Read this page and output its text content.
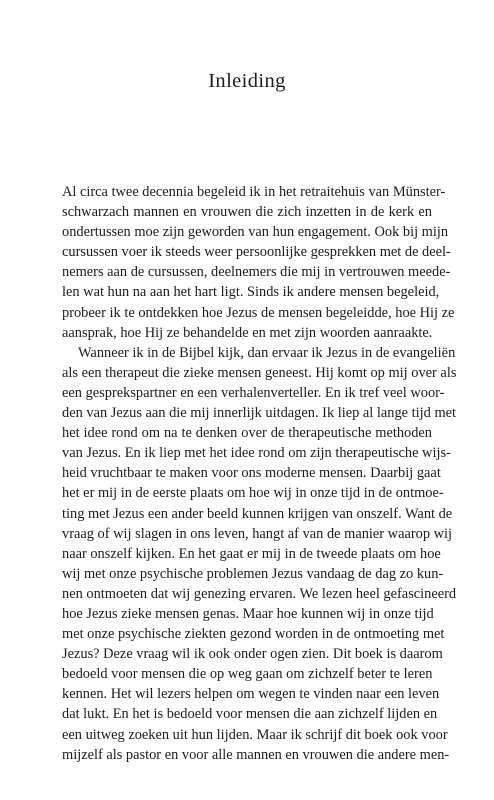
Inleiding
Al circa twee decennia begeleid ik in het retraitehuis van Münster-
schwarzach mannen en vrouwen die zich inzetten in de kerk en
ondertussen moe zijn geworden van hun engagement. Ook bij mijn
cursussen voer ik steeds weer persoonlijke gesprekken met de deel-
nemers aan de cursussen, deelnemers die mij in vertrouwen meede-
len wat hun na aan het hart ligt. Sinds ik andere mensen begeleid,
probeer ik te ontdekken hoe Jezus de mensen begeleidde, hoe Hij ze
aansprak, hoe Hij ze behandelde en met zijn woorden aanraakte.
Wanneer ik in de Bijbel kijk, dan ervaar ik Jezus in de evangeliën
als een therapeut die zieke mensen geneest. Hij komt op mij over als
een gesprekspartner en een verhalenverteller. En ik tref veel woor-
den van Jezus aan die mij innerlijk uitdagen. Ik liep al lange tijd met
het idee rond om na te denken over de therapeutische methoden
van Jezus. En ik liep met het idee rond om zijn therapeutische wijs-
heid vruchtbaar te maken voor ons moderne mensen. Daarbij gaat
het er mij in de eerste plaats om hoe wij in onze tijd in de ontmoe-
ting met Jezus een ander beeld kunnen krijgen van onszelf. Want de
vraag of wij slagen in ons leven, hangt af van de manier waarop wij
naar onszelf kijken. En het gaat er mij in de tweede plaats om hoe
wij met onze psychische problemen Jezus vandaag de dag zo kun-
nen ontmoeten dat wij genezing ervaren. We lezen heel gefascineerd
hoe Jezus zieke mensen genas. Maar hoe kunnen wij in onze tijd
met onze psychische ziekten gezond worden in de ontmoeting met
Jezus? Deze vraag wil ik ook onder ogen zien. Dit boek is daarom
bedoeld voor mensen die op weg gaan om zichzelf beter te leren
kennen. Het wil lezers helpen om wegen te vinden naar een leven
dat lukt. En het is bedoeld voor mensen die aan zichzelf lijden en
een uitweg zoeken uit hun lijden. Maar ik schrijf dit boek ook voor
mijzelf als pastor en voor alle mannen en vrouwen die andere men-
